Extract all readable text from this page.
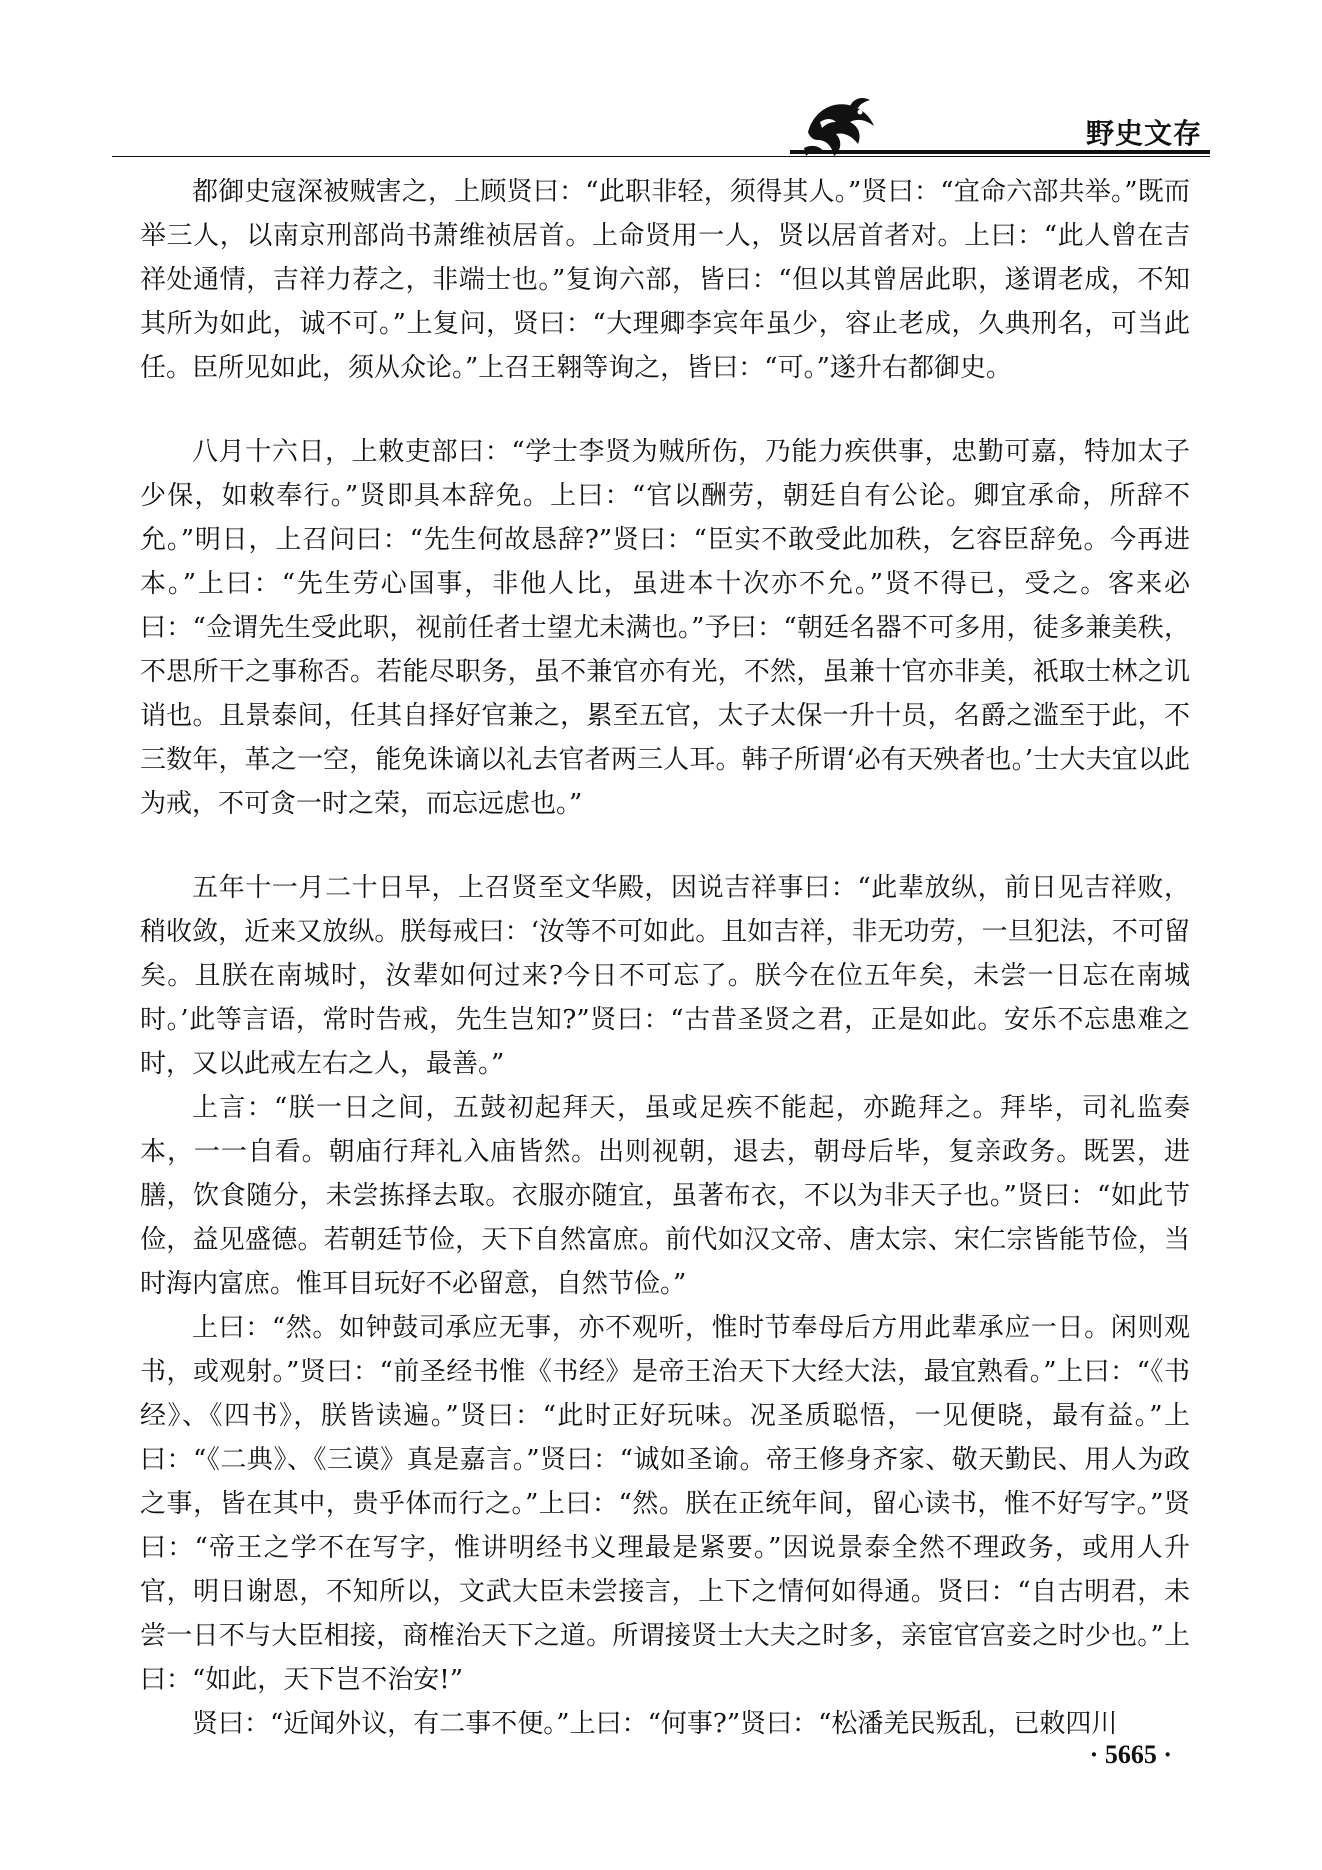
野史文存

都御史寇深被贼害之，上顾贤曰：“此职非轻，须得其人。”贤曰：“宜命六部共举。”既而举三人，以南京刑部尚书萧维祯居首。上命贤用一人，贤以居首者对。上曰：“此人曾在吉祥处通情，吉祥力荐之，非端士也。”复询六部，皆曰：“但以其曾居此职，遂谓老成，不知其所为如此，诚不可。”上复问，贤曰：“大理卿李宾年虽少，容止老成，久典刑名，可当此任。臣所见如此，须从众论。”上召王翱等询之，皆曰：“可。”遂升右都御史。

八月十六日，上敕吏部曰：“学士李贤为贼所伤，乃能力疾供事，忠勤可嘉，特加太子少保，如敕奉行。”贤即具本辞免。上曰：“官以酬劳，朝廷自有公论。卿宜承命，所辞不允。”明日，上召问曰：“先生何故恳辞?”贤曰：“臣实不敢受此加秩，乞容臣辞免。今再进本。”上曰：“先生劳心国事，非他人比，虽进本十次亦不允。”贤不得已，受之。客来必曰：“佥谓先生受此职，视前任者士望尤未满也。”予曰：“朝廷名器不可多用，徒多兼美秩，不思所干之事称否。若能尽职务，虽不兼官亦有光，不然，虽兼十官亦非美，祇取士林之讥诮也。且景泰间，任其自择好官兼之，累至五官，太子太保一升十员，名爵之滥至于此，不三数年，革之一空，能免诛谪以礼去官者两三人耳。韩子所谓‘必有天殃者也。’士大夫宜以此为戒，不可贪一时之荣，而忘远虑也。”

五年十一月二十日早，上召贤至文华殿，因说吉祥事曰：“此辈放纵，前日见吉祥败，稍收敛，近来又放纵。朕每戒曰：‘汝等不可如此。且如吉祥，非无功劳，一旦犯法，不可留矣。且朕在南城时，汝辈如何过来?今日不可忘了。朕今在位五年矣，未尝一日忘在南城时。’此等言语，常时告戒，先生岂知?”贤曰：“古昔圣贤之君，正是如此。安乐不忘患难之时，又以此戒左右之人，最善。”

上言：“朕一日之间，五鼓初起拜天，虽或足疾不能起，亦跪拜之。拜毕，司礼监奏本，一一自看。朝庙行拜礼入庙皆然。出则视朝，退去，朝母后毕，复亲政务。既罢，进膳，饮食随分，未尝拣择去取。衣服亦随宜，虽著布衣，不以为非天子也。”贤曰：“如此节俭，益见盛德。若朝廷节俭，天下自然富庶。前代如汉文帝、唐太宗、宋仁宗皆能节俭，当时海内富庶。惟耳目玩好不必留意，自然节俭。”

上曰：“然。如钟鼓司承应无事，亦不观听，惟时节奉母后方用此辈承应一日。闲则观书，或观射。”贤曰：“前圣经书惟《书经》是帝王治天下大经大法，最宜熟看。”上曰：“《书经》、《四书》，朕皆读遍。”贤曰：“此时正好玩味。况圣质聪悟，一见便晓，最有益。”上曰：“《二典》、《三谟》真是嘉言。”贤曰：“诚如圣谕。帝王修身齐家、敬天勤民、用人为政之事，皆在其中，贵乎体而行之。”上曰：“然。朕在正统年间，留心读书，惟不好写字。”贤曰：“帝王之学不在写字，惟讲明经书义理最是紧要。”因说景泰全然不理政务，或用人升官，明日谢恩，不知所以，文武大臣未尝接言，上下之情何如得通。贤曰：“自古明君，未尝一日不与大臣相接，商榷治天下之道。所谓接贤士大夫之时多，亲宦官宫妾之时少也。”上曰：“如此，天下岂不治安!”

贤曰：“近闻外议，有二事不便。”上曰：“何事?”贤曰：“松潘羌民叛乱，已敕四川

· 5665 ·
